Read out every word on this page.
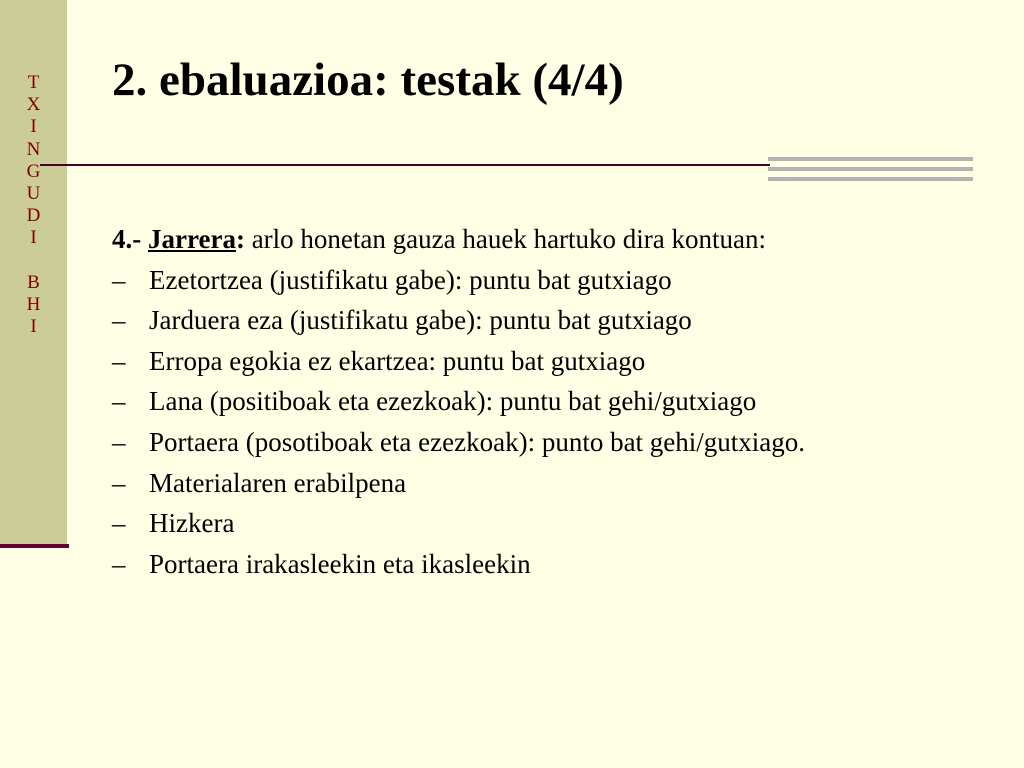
T
X
I
N
G
U
D
I
B
H
I
2. ebaluazioa: testak (4/4)
4.- Jarrera: arlo honetan gauza hauek hartuko dira kontuan:
– Ezetortzea (justifikatu gabe): puntu bat gutxiago
– Jarduera eza (justifikatu gabe): puntu bat gutxiago
– Erropa egokia ez ekartzea: puntu bat gutxiago
– Lana (positiboak eta ezezkoak): puntu bat gehi/gutxiago
– Portaera (posotiboak eta ezezkoak): punto bat gehi/gutxiago.
– Materialaren erabilpena
– Hizkera
– Portaera irakasleekin eta ikasleekin
